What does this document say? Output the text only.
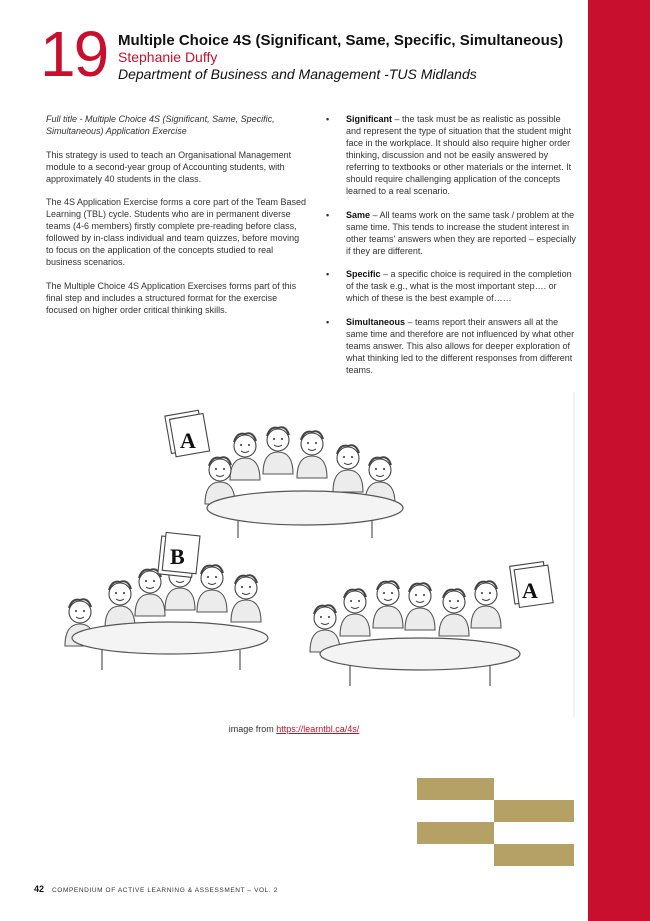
19 Multiple Choice 4S (Significant, Same, Specific, Simultaneous)
Stephanie Duffy
Department of Business and Management -TUS Midlands

Full title - Multiple Choice 4S (Significant, Same, Specific, Simultaneous) Application Exercise

This strategy is used to teach an Organisational Management module to a second-year group of Accounting students, with approximately 40 students in the class.

The 4S Application Exercise forms a core part of the Team Based Learning (TBL) cycle. Students who are in permanent diverse teams (4-6 members) firstly complete pre-reading before class, followed by in-class individual and team quizzes, before moving to focus on the application of the concepts studied to real business scenarios.

The Multiple Choice 4S Application Exercises forms part of this final step and includes a structured format for the exercise focused on higher order critical thinking skills.

•	Significant – the task must be as realistic as possible and represent the type of situation that the student might face in the workplace. It should also require higher order thinking, discussion and not be easily answered by referring to textbooks or other materials or the internet. It should require challenging application of the concepts learned to a real scenario.
•	Same – All teams work on the same task / problem at the same time. This tends to increase the student interest in other teams' answers when they are reported – especially if they are different.
•	Specific – a specific choice is required in the completion of the task e.g., what is the most important step…. or which of these is the best example of……
•	Simultaneous – teams report their answers all at the same time and therefore are not influenced by what other teams answer. This also allows for deeper exploration of what thinking led to the different responses from different teams.
A
B
A
image from https://learntbl.ca/4s/
42 COMPENDIUM OF ACTIVE LEARNING & ASSESSMENT – VOL. 2
